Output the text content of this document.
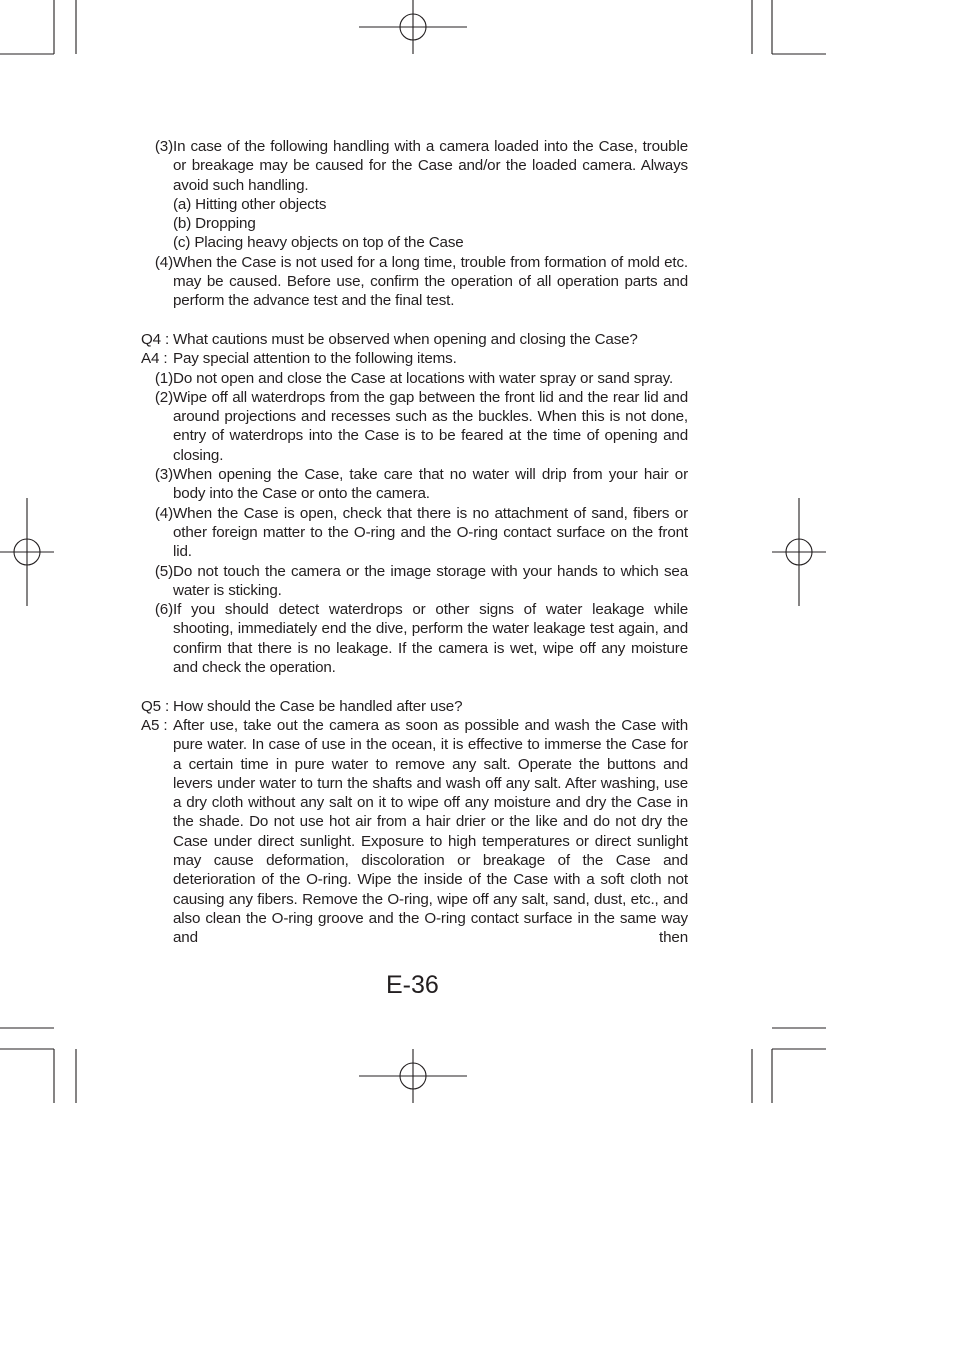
(3) In case of the following handling with a camera loaded into the Case, trouble or breakage may be caused for the Case and/or the loaded camera. Always avoid such handling.
(a) Hitting other objects
(b) Dropping
(c) Placing heavy objects on top of the Case
(4) When the Case is not used for a long time, trouble from formation of mold etc. may be caused. Before use, confirm the operation of all operation parts and perform the advance test and the final test.
Q4 : What cautions must be observed when opening and closing the Case?
A4 : Pay special attention to the following items.
(1) Do not open and close the Case at locations with water spray or sand spray.
(2) Wipe off all waterdrops from the gap between the front lid and the rear lid and around projections and recesses such as the buckles. When this is not done, entry of waterdrops into the Case is to be feared at the time of opening and closing.
(3) When opening the Case, take care that no water will drip from your hair or body into the Case or onto the camera.
(4) When the Case is open, check that there is no attachment of sand, fibers or other foreign matter to the O-ring and the O-ring contact surface on the front lid.
(5) Do not touch the camera or the image storage with your hands to which sea water is sticking.
(6) If you should detect waterdrops or other signs of water leakage while shooting, immediately end the dive, perform the water leakage test again, and confirm that there is no leakage. If the camera is wet, wipe off any moisture and check the operation.
Q5 : How should the Case be handled after use?
A5 : After use, take out the camera as soon as possible and wash the Case with pure water. In case of use in the ocean, it is effective to immerse the Case for a certain time in pure water to remove any salt. Operate the buttons and levers under water to turn the shafts and wash off any salt. After washing, use a dry cloth without any salt on it to wipe off any moisture and dry the Case in the shade. Do not use hot air from a hair drier or the like and do not dry the Case under direct sunlight. Exposure to high temperatures or direct sunlight may cause deformation, discoloration or breakage of the Case and deterioration of the O-ring. Wipe the inside of the Case with a soft cloth not causing any fibers. Remove the O-ring, wipe off any salt, sand, dust, etc., and also clean the O-ring groove and the O-ring contact surface in the same way and then
E-36
